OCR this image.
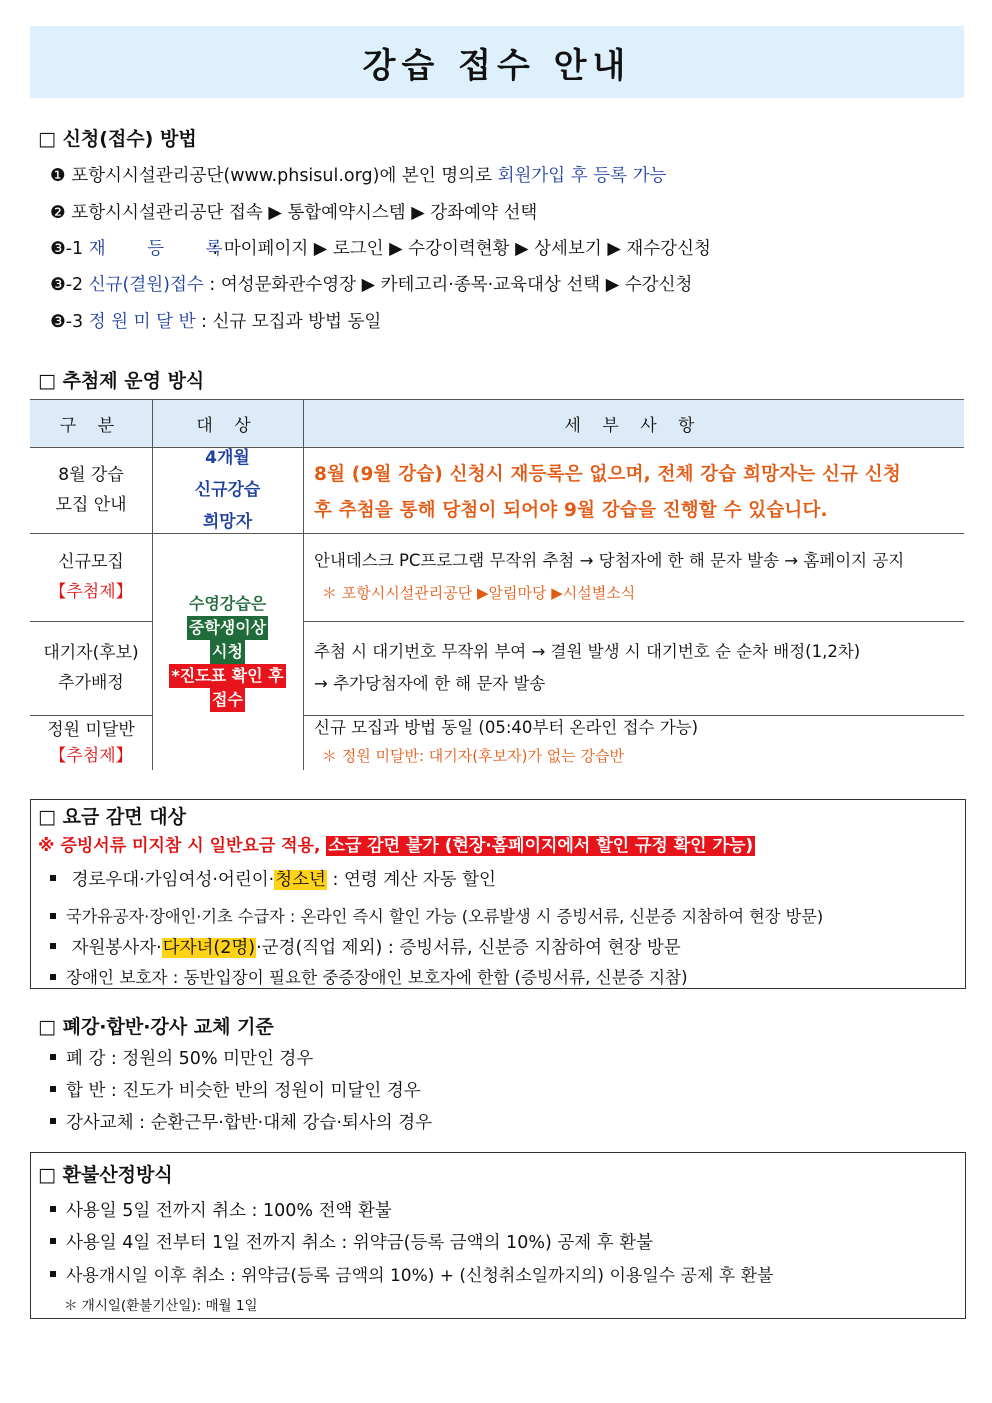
강습 접수 안내
□ 신청(접수) 방법
❶ 포항시시설관리공단(www.phsisul.org)에 본인 명의로 회원가입 후 등록 가능
❷ 포항시시설관리공단 접속 ▶ 통합예약시스템 ▶ 강좌예약 선택
❸-1 재 등 록 : 마이페이지 ▶ 로그인 ▶ 수강이력현황 ▶ 상세보기 ▶ 재수강신청
❸-2 신규(결원)접수 : 여성문화관수영장 ▶ 카테고리·종목·교육대상 선택 ▶ 수강신청
❸-3 정 원 미 달 반 : 신규 모집과 방법 동일
□ 추첨제 운영 방식
구 분	대 상	세 부 사 항
8월 강습
모집 안내
4개월
신규강습
희망자
8월 (9월 강습) 신청시 재등록은 없으며, 전체 강습 희망자는 신규 신청
후 추첨을 통해 당첨이 되어야 9월 강습을 진행할 수 있습니다.
신규모집
【추첨제】
안내데스크 PC프로그램 무작위 추첨 → 당첨자에 한 해 문자 발송 → 홈페이지 공지
＊ 포항시시설관리공단 ▶알림마당 ▶시설별소식
수영강습은
중학생이상
시청
*진도표 확인 후
접수
대기자(후보)
추가배정
추첨 시 대기번호 무작위 부여 → 결원 발생 시 대기번호 순 순차 배정(1,2차)
→ 추가당첨자에 한 해 문자 발송
정원 미달반
【추첨제】
신규 모집과 방법 동일 (05:40부터 온라인 접수 가능)
＊ 정원 미달반: 대기자(후보자)가 없는 강습반
□ 요금 감면 대상
※ 증빙서류 미지참 시 일반요금 적용, 소급 감면 불가 (현장·홈페이지에서 할인 규정 확인 가능)
경로우대·가임여성·어린이·청소년 : 연령 계산 자동 할인
국가유공자·장애인·기초 수급자 : 온라인 즉시 할인 가능 (오류발생 시 증빙서류, 신분증 지참하여 현장 방문)
자원봉사자·다자녀(2명)·군경(직업 제외) : 증빙서류, 신분증 지참하여 현장 방문
장애인 보호자 : 동반입장이 필요한 중증장애인 보호자에 한함 (증빙서류, 신분증 지참)
□ 폐강·합반·강사 교체 기준
폐 강 : 정원의 50% 미만인 경우
합 반 : 진도가 비슷한 반의 정원이 미달인 경우
강사교체 : 순환근무·합반·대체 강습·퇴사의 경우
□ 환불산정방식
사용일 5일 전까지 취소 : 100% 전액 환불
사용일 4일 전부터 1일 전까지 취소 : 위약금(등록 금액의 10%) 공제 후 환불
사용개시일 이후 취소 : 위약금(등록 금액의 10%) + (신청취소일까지의) 이용일수 공제 후 환불
＊ 개시일(환불기산일): 매월 1일
